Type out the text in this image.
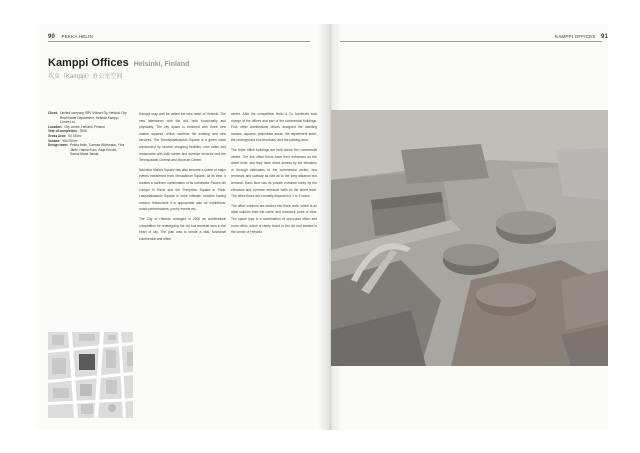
90 PEKKA HELIN	KAMPPI OFFICES 91
Kamppi Offices Helsinki, Finland
坎皮（Kamppi）办公室空间
Client: Limited company SRV Viitoset Oy, Helsinki City Real Estate Department, Helsinki Kamppi Centre Ltd.
Location: City centre, Helsinki, Finland
Year of completion: 2006
Gross Area: 54 150m²
Volume: 960 000m³
Design team: Pekka Helin, Tuomas Wichmann, Ylva Jäntti, Hanna Euro, Saija Erholm, Sanna-Maria Takala

Kamppi may well be called the new heart of Helsinki. The new intertwines with the old, both functionally and physically. The city space is enriched with three new market squares, which combine the existing and new services. The Tennispalatsiaukio Square is a green oasis surrounded by several shopping facilities, new cafes and restaurants with both winter and summer terraces and the Tennispalatsi Cinema and Museum Centre.

Narinkka Market Square has also become a scene of major events transferred from Senaatintori Square. At its best, it creates a northern combination of its namesake Piazza del Campo in Siena and the Pompidou Square in Paris. Lasipalatsiaukio Square is more intimate; besides having outdoor restaurants it is appropriate also for exhibitions, music performances, poetry events etc.

The City of Helsinki arranged in 2000 an architectural competition for redesigning the old bus terminal area in the heart of city. The plan was to create a vital, functional commercial and office

centre. After the competition Helin & Co Architects took charge of the offices and part of the commercial buildings. Four other architectural offices designed the dwelling houses, squares, pedestrian areas, the department store, the underground bus terminals, and the parking area.

The three office buildings are built above the commercial centre. The five office floors have their entrances on the street level, and they have direct access by the elevators or through staircases to the commercial centre, bus terminals and subway as well as to the long distance bus terminal. Each floor has its private entrance lobby by the elevators and common entrance halls on the street level. The office floors are normally disposed of 1 to 3 users.

The office volumes are divided into three units, which is an ideal solution from the users' and investors' point of view. The space type is a combination of open-plan office and room office, which is rarely found in the old real estates in the centre of Helsinki.
